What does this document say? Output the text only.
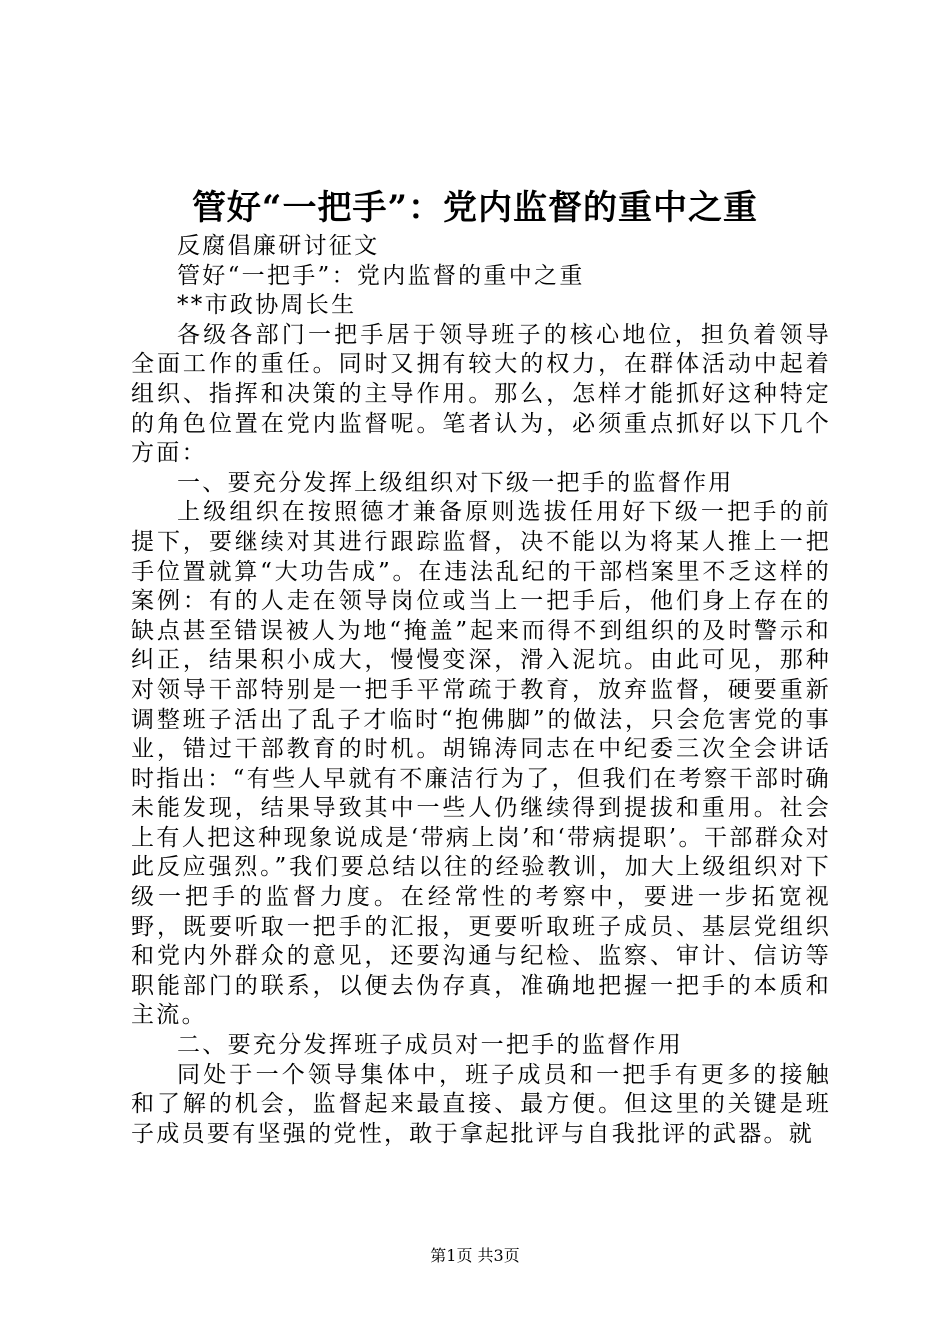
管好“一把手”：党内监督的重中之重

反腐倡廉研讨征文

管好“一把手”：党内监督的重中之重

**市政协周长生

各级各部门一把手居于领导班子的核心地位，担负着领导全面工作的重任。同时又拥有较大的权力，在群体活动中起着组织、指挥和决策的主导作用。那么，怎样才能抓好这种特定的角色位置在党内监督呢。笔者认为，必须重点抓好以下几个方面：

一、要充分发挥上级组织对下级一把手的监督作用

上级组织在按照德才兼备原则选拔任用好下级一把手的前提下，要继续对其进行跟踪监督，决不能以为将某人推上一把手位置就算“大功告成”。在违法乱纪的干部档案里不乏这样的案例：有的人走在领导岗位或当上一把手后，他们身上存在的缺点甚至错误被人为地“掩盖”起来而得不到组织的及时警示和纠正，结果积小成大，慢慢变深，滑入泥坑。由此可见，那种对领导干部特别是一把手平常疏于教育，放弃监督，硬要重新调整班子活出了乱子才临时“抱佛脚”的做法，只会危害党的事业，错过干部教育的时机。胡锦涛同志在中纪委三次全会讲话时指出：“有些人早就有不廉洁行为了，但我们在考察干部时确未能发现，结果导致其中一些人仍继续得到提拔和重用。社会上有人把这种现象说成是‘带病上岗’和‘带病提职’。干部群众对此反应强烈。”我们要总结以往的经验教训，加大上级组织对下级一把手的监督力度。在经常性的考察中，要进一步拓宽视野，既要听取一把手的汇报，更要听取班子成员、基层党组织和党内外群众的意见，还要沟通与纪检、监察、审计、信访等职能部门的联系，以便去伪存真，准确地把握一把手的本质和主流。

二、要充分发挥班子成员对一把手的监督作用

同处于一个领导集体中，班子成员和一把手有更多的接触和了解的机会，监督起来最直接、最方便。但这里的关键是班子成员要有坚强的党性，敢于拿起批评与自我批评的武器。就

第1页 共3页
